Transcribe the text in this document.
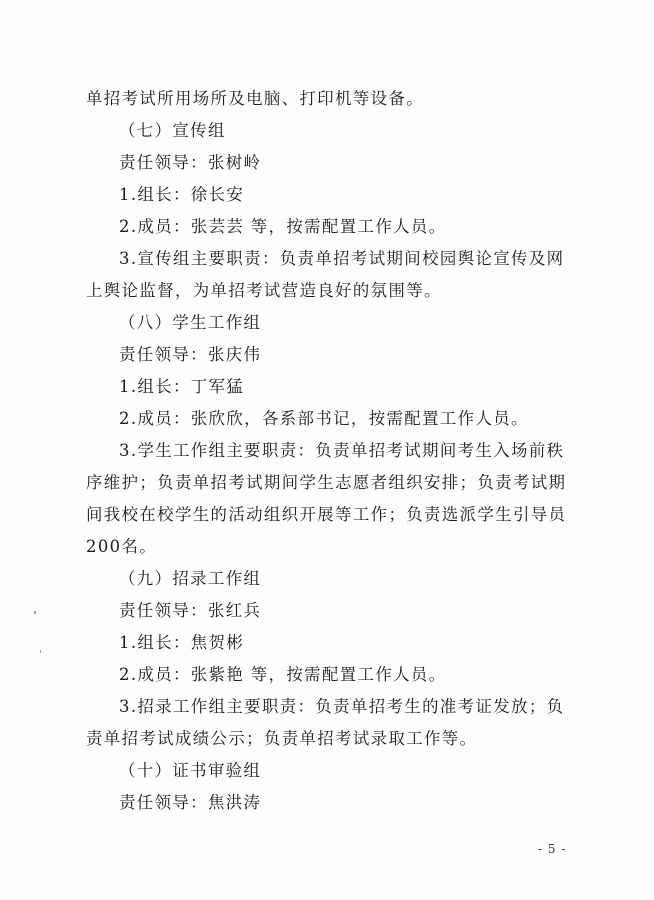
单招考试所用场所及电脑、打印机等设备。

（七）宣传组

责任领导：张树岭

1.组长：徐长安

2.成员：张芸芸 等，按需配置工作人员。

3.宣传组主要职责：负责单招考试期间校园舆论宣传及网

上舆论监督，为单招考试营造良好的氛围等。

（八）学生工作组

责任领导：张庆伟

1.组长：丁军猛

2.成员：张欣欣，各系部书记，按需配置工作人员。

3.学生工作组主要职责：负责单招考试期间考生入场前秩

序维护；负责单招考试期间学生志愿者组织安排；负责考试期

间我校在校学生的活动组织开展等工作；负责选派学生引导员

200名。

（九）招录工作组

责任领导：张红兵

1.组长：焦贺彬

2.成员：张紫艳 等，按需配置工作人员。

3.招录工作组主要职责：负责单招考生的准考证发放；负

责单招考试成绩公示；负责单招考试录取工作等。

（十）证书审验组

责任领导：焦洪涛

- 5 -
